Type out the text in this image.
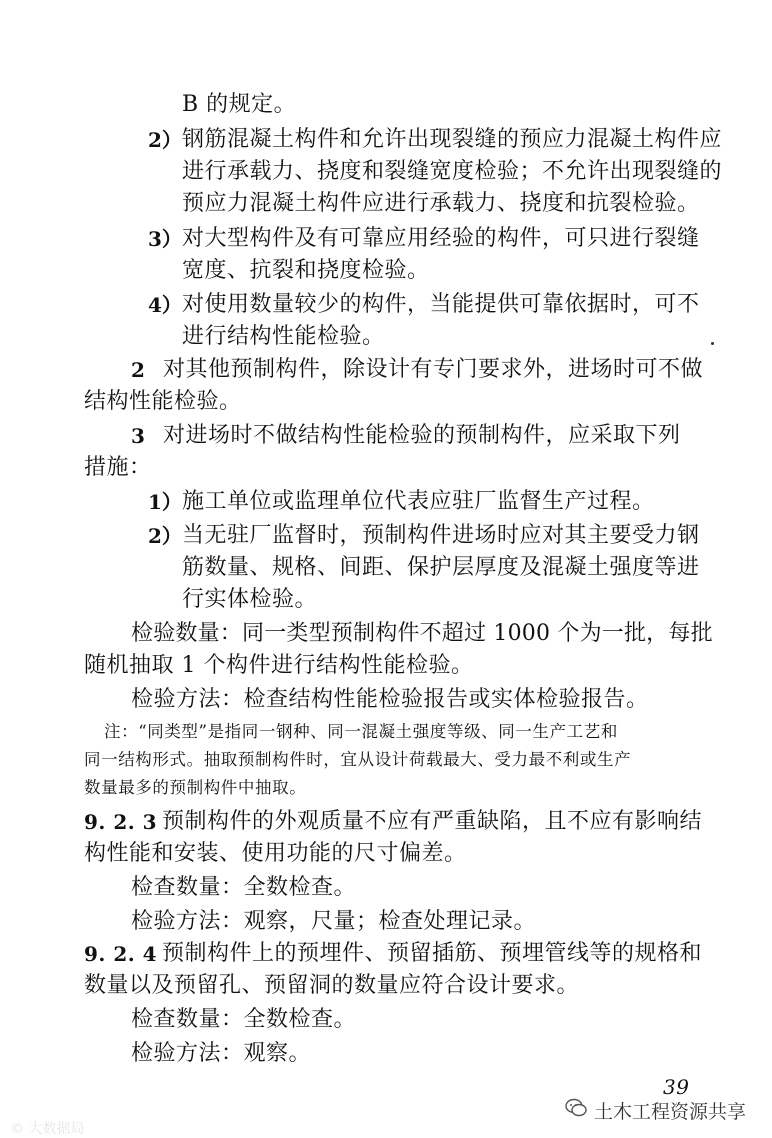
B 的规定。
2） 钢筋混凝土构件和允许出现裂缝的预应力混凝土构件应
进行承载力、挠度和裂缝宽度检验；不允许出现裂缝的
预应力混凝土构件应进行承载力、挠度和抗裂检验。
3） 对大型构件及有可靠应用经验的构件，可只进行裂缝
宽度、抗裂和挠度检验。
4） 对使用数量较少的构件，当能提供可靠依据时，可不
进行结构性能检验。
2 对其他预制构件，除设计有专门要求外，进场时可不做
结构性能检验。
3 对进场时不做结构性能检验的预制构件，应采取下列
措施：
1） 施工单位或监理单位代表应驻厂监督生产过程。
2） 当无驻厂监督时，预制构件进场时应对其主要受力钢
筋数量、规格、间距、保护层厚度及混凝土强度等进
行实体检验。
检验数量：同一类型预制构件不超过 1000 个为一批，每批
随机抽取 1 个构件进行结构性能检验。
检验方法：检查结构性能检验报告或实体检验报告。
注：“同类型”是指同一钢种、同一混凝土强度等级、同一生产工艺和
同一结构形式。抽取预制构件时，宜从设计荷载最大、受力最不利或生产
数量最多的预制构件中抽取。
9. 2. 3 预制构件的外观质量不应有严重缺陷，且不应有影响结
构性能和安装、使用功能的尺寸偏差。
检查数量：全数检查。
检验方法：观察，尺量；检查处理记录。
9. 2. 4 预制构件上的预埋件、预留插筋、预埋管线等的规格和
数量以及预留孔、预留洞的数量应符合设计要求。
检查数量：全数检查。
检验方法：观察。
39
土木工程资源共享
© 大数据局
